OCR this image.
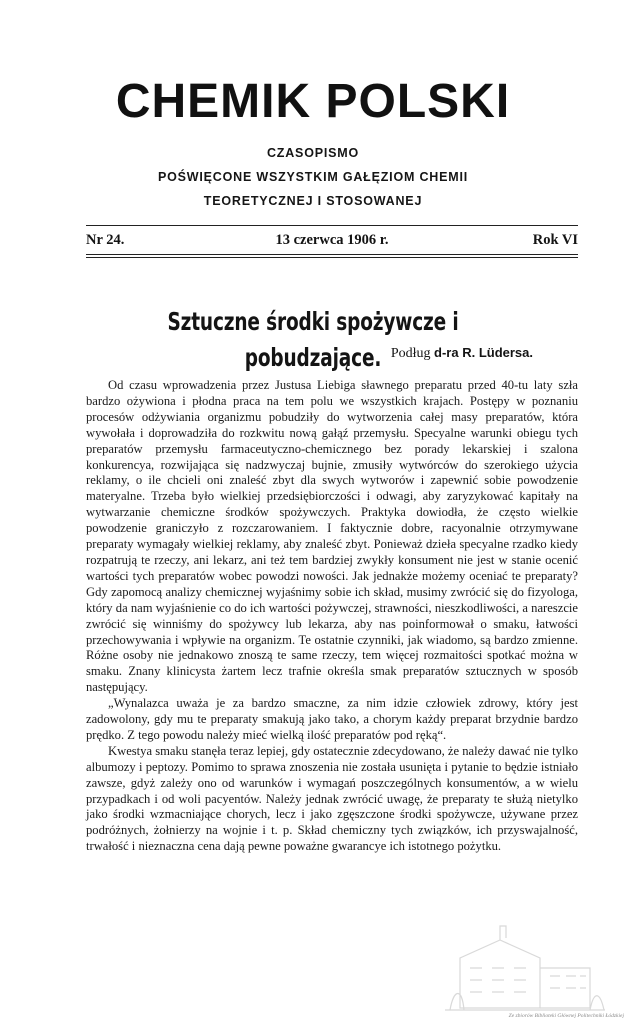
CHEMIK POLSKI
CZASOPISMO
POŚWIĘCONE WSZYSTKIM GAŁĘZIOM CHEMII
TEORETYCZNEJ I STOSOWANEJ
Nr 24.	13 czerwca 1906 r.	Rok VI
Sztuczne środki spożywcze i pobudzające. Podług d-ra R. Lüdersa.

Od czasu wprowadzenia przez Justusa Liebiga sławnego preparatu przed 40-tu laty szła bardzo ożywiona i płodna praca na tem polu we wszystkich krajach. Postępy w poznaniu procesów odżywiania organizmu pobudziły do wytworzenia całej masy preparatów, która wywołała i doprowadziła do rozkwitu nową gałąź przemysłu. Specyalne warunki obiegu tych preparatów przemysłu farmaceutyczno-chemicznego bez porady lekarskiej i szalona konkurencya, rozwijająca się nadzwyczaj bujnie, zmusiły wytwórców do szerokiego użycia reklamy, o ile chcieli oni znaleść zbyt dla swych wytworów i zapewnić sobie powodzenie materyalne. Trzeba było wielkiej przedsiębiorczości i odwagi, aby zaryzykować kapitały na wytwarzanie chemiczne środków spożywczych. Praktyka dowiodła, że często wielkie powodzenie graniczyło z rozczarowaniem. I faktycznie dobre, racyonalnie otrzymywane preparaty wymagały wielkiej reklamy, aby znaleść zbyt. Ponieważ dzieła specyalne rzadko kiedy rozpatrują te rzeczy, ani lekarz, ani też tem bardziej zwykły konsument nie jest w stanie ocenić wartości tych preparatów wobec powodzi nowości. Jak jednakże możemy oceniać te preparaty? Gdy zapomocą analizy chemicznej wyjaśnimy sobie ich skład, musimy zwrócić się do fizyologa, który da nam wyjaśnienie co do ich wartości pożywczej, strawności, nieszkodliwości, a nareszcie zwrócić się winniśmy do spożywcy lub lekarza, aby nas poinformował o smaku, łatwości przechowywania i wpływie na organizm. Te ostatnie czynniki, jak wiadomo, są bardzo zmienne. Różne osoby nie jednakowo znoszą te same rzeczy, tem więcej rozmaitości spotkać można w smaku. Znany klinicysta żartem lecz trafnie określa smak preparatów sztucznych w sposób następujący.

„Wynalazca uważa je za bardzo smaczne, za nim idzie człowiek zdrowy, który jest zadowolony, gdy mu te preparaty smakują jako tako, a chorym każdy preparat brzydnie bardzo prędko. Z tego powodu należy mieć wielką ilość preparatów pod ręką“.

Kwestya smaku stanęła teraz lepiej, gdy ostatecznie zdecydowano, że należy dawać nie tylko albumozy i peptozy. Pomimo to sprawa znoszenia nie została usunięta i pytanie to będzie istniało zawsze, gdyż zależy ono od warunków i wymagań poszczególnych konsumentów, a w wielu przypadkach i od woli pacyentów. Należy jednak zwrócić uwagę, że preparaty te służą nietylko jako środki wzmacniające chorych, lecz i jako zgęszczone środki spożywcze, używane przez podróżnych, żołnierzy na wojnie i t. p. Skład chemiczny tych związków, ich przyswajalność, trwałość i nieznaczna cena dają pewne poważne gwarancye ich istotnego pożytku.

Ze zbiorów Biblioteki Głównej Politechniki Łódzkiej
